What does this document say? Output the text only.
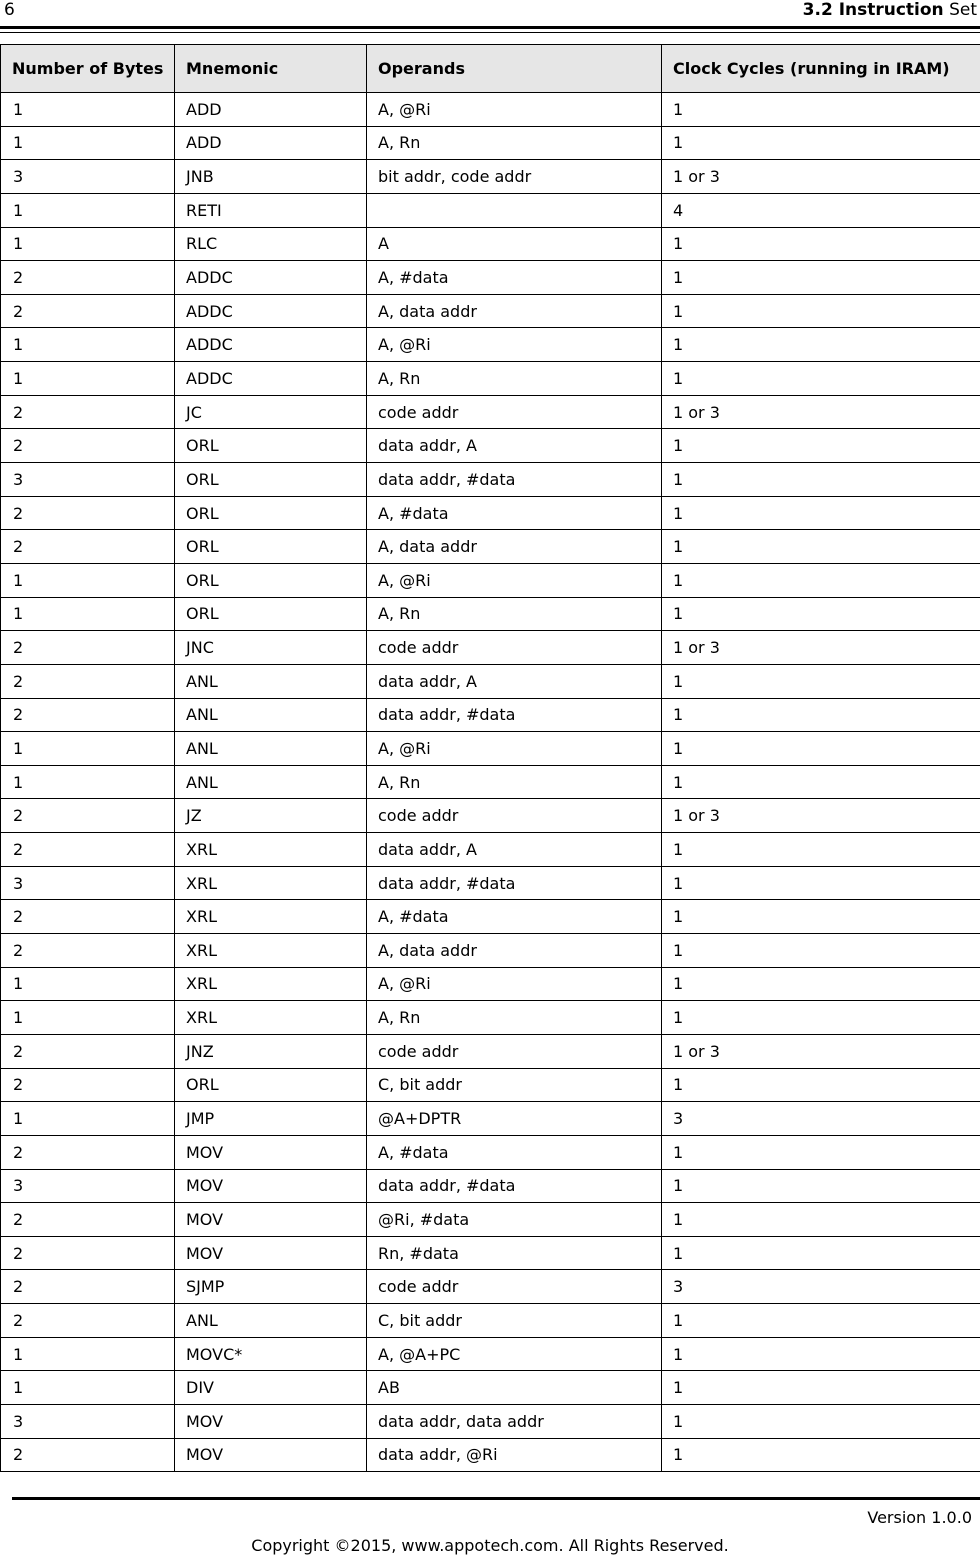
6	3.2 Instruction Set
Number of Bytes	Mnemonic	Operands	Clock Cycles (running in IRAM)
1	ADD	A, @Ri	1
1	ADD	A, Rn	1
3	JNB	bit addr, code addr	1 or 3
1	RETI		4
1	RLC	A	1
2	ADDC	A, #data	1
2	ADDC	A, data addr	1
1	ADDC	A, @Ri	1
1	ADDC	A, Rn	1
2	JC	code addr	1 or 3
2	ORL	data addr, A	1
3	ORL	data addr, #data	1
2	ORL	A, #data	1
2	ORL	A, data addr	1
1	ORL	A, @Ri	1
1	ORL	A, Rn	1
2	JNC	code addr	1 or 3
2	ANL	data addr, A	1
2	ANL	data addr, #data	1
1	ANL	A, @Ri	1
1	ANL	A, Rn	1
2	JZ	code addr	1 or 3
2	XRL	data addr, A	1
3	XRL	data addr, #data	1
2	XRL	A, #data	1
2	XRL	A, data addr	1
1	XRL	A, @Ri	1
1	XRL	A, Rn	1
2	JNZ	code addr	1 or 3
2	ORL	C, bit addr	1
1	JMP	@A+DPTR	3
2	MOV	A, #data	1
3	MOV	data addr, #data	1
2	MOV	@Ri, #data	1
2	MOV	Rn, #data	1
2	SJMP	code addr	3
2	ANL	C, bit addr	1
1	MOVC*	A, @A+PC	1
1	DIV	AB	1
3	MOV	data addr, data addr	1
2	MOV	data addr, @Ri	1
Version 1.0.0
Copyright ©2015, www.appotech.com. All Rights Reserved.
